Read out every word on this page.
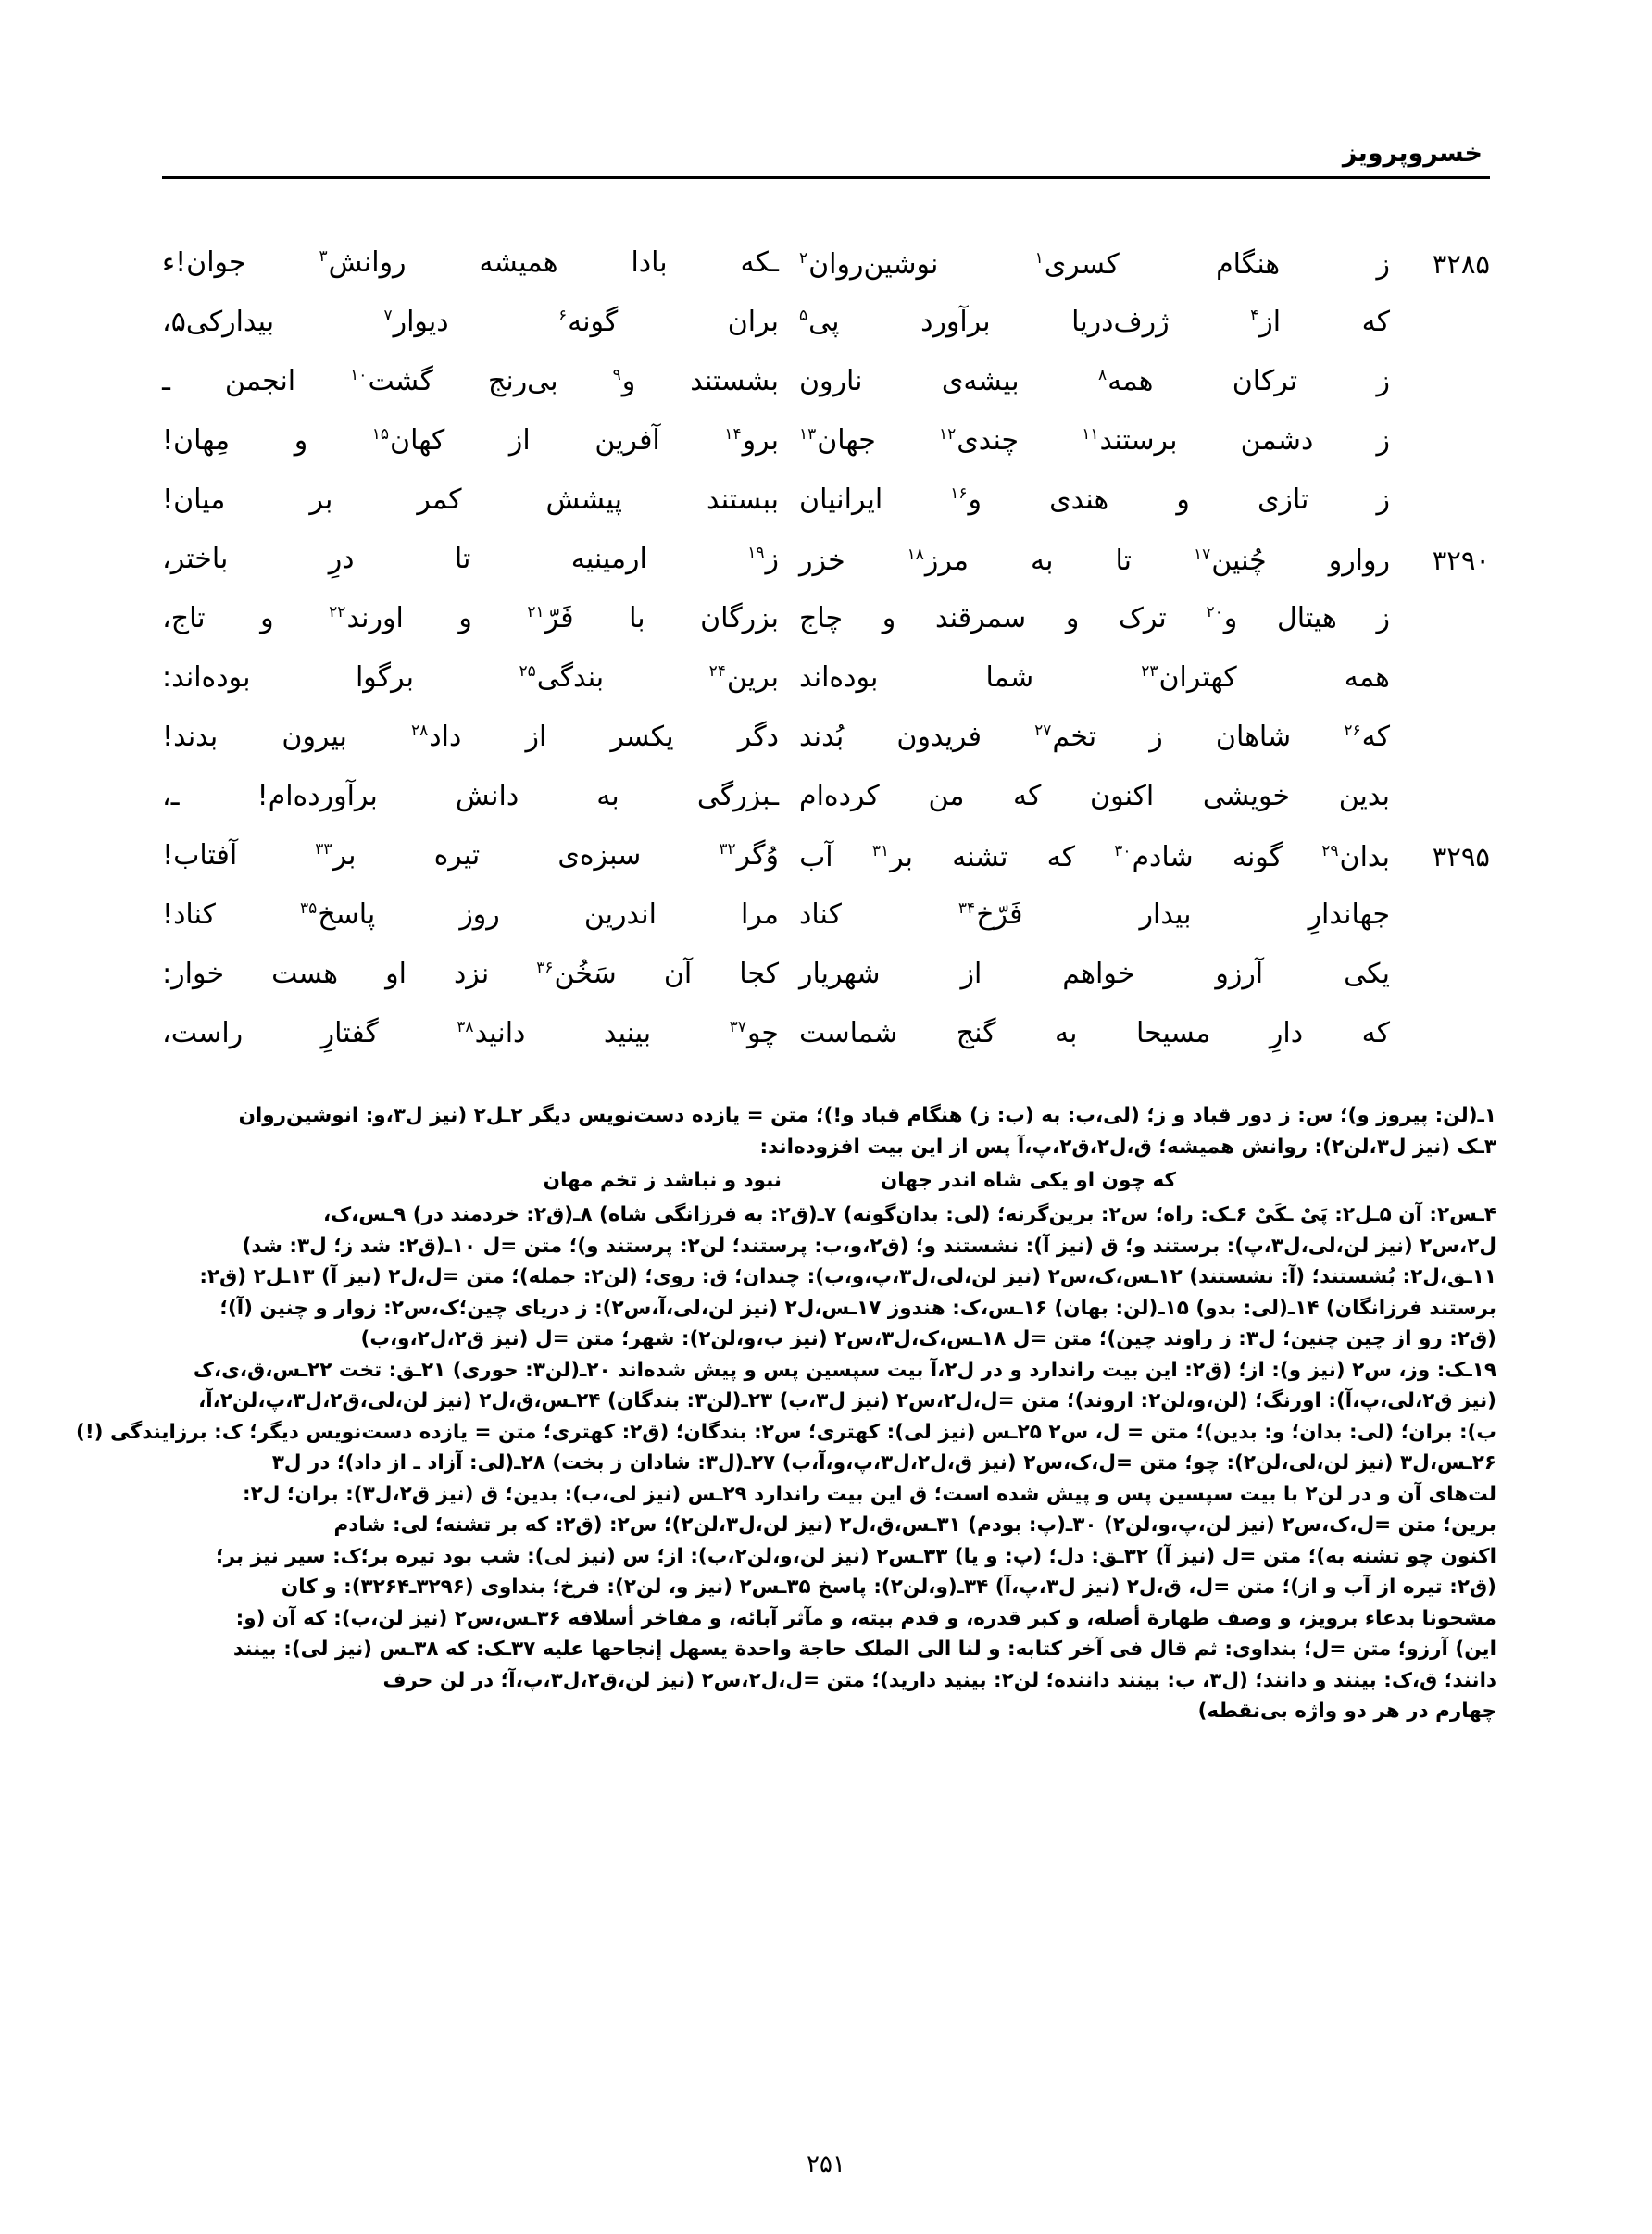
خسروپرویز
۳۲۸۵
ز
هنگام
کسری$^۱$
نوشین‌روان$^۲$
ـکه
بادا
همیشه
روانش$^۳$
جوان!ء
که
از$^۴$
ژرف‌دریا
برآورد
پی$^۵$
بران
گونه$^۶$
دیوار$^۷$
بیدارکی۵،
ز
ترکان
همه$^۸$
بیشه‌ی
نارون
بشستند
و$^۹$
بی‌رنج
گشت$^{۱۰}$
انجمن
ـ
ز
دشمن
برستند$^{۱۱}$
چندی$^{۱۲}$
جهان$^{۱۳}$
برو$^{۱۴}$
آفرین
از
کهان$^{۱۵}$
و
مِهان!
ز
تازی
و
هندی
و$^{۱۶}$
ایرانیان
ببستند
پیشش
کمر
بر
میان!
۳۲۹۰
روارو
چُنین$^{۱۷}$
تا
به
مرز$^{۱۸}$
خزر
ز$^{۱۹}$
ارمینیه
تا
درِ
باختر،
ز
هیتال
و$^{۲۰}$
ترک
و
سمرقند
و
چاج
بزرگان
با
فَرّ$^{۲۱}$
و
اورند$^{۲۲}$
و
تاج،
همه
کهتران$^{۲۳}$
شما
بوده‌اند
برین$^{۲۴}$
بندگی$^{۲۵}$
برگوا
بوده‌اند:
که$^{۲۶}$
شاهان
ز
تخم$^{۲۷}$
فریدون
بُدند
دگر
یکسر
از
داد$^{۲۸}$
بیرون
بدند!
بدین
خویشی
اکنون
که
من
کرده‌ام
ـبزرگی
به
دانش
برآورده‌ام!
ـ،
۳۲۹۵
بدان$^{۲۹}$
گونه
شادم$^{۳۰}$
که
تشنه
بر$^{۳۱}$
آب
وُگر$^{۳۲}$
سبزه‌ی
تیره
بر$^{۳۳}$
آفتاب!
جهاندارِ
بیدار
فَرّخ$^{۳۴}$
کناد
مرا
اندرین
روز
پاسخ$^{۳۵}$
کناد!
یکی
آرزو
خواهم
از
شهریار
کجا
آن
سَخُن$^{۳۶}$
نزد
او
هست
خوار:
که
دارِ
مسیحا
به
گنج
شماست
چو$^{۳۷}$
بینید
دانید$^{۳۸}$
گفتارِ
راست،
۱ـ(لن: پیروز و)؛ س: ز دور قباد و ز؛ (لی،ب: به (ب: ز) هنگام قباد و!)؛ متن = یازده دست‌نویس دیگر ۲ـل۲ (نیز ل۳،و: انوشین‌روان
۳ـک (نیز ل۳،لن۲): روانش همیشه؛ ق،ل۲،ق۲،پ،آ پس از این بیت افزوده‌اند:
که چون او یکی شاه اندر جهان
نبود و نباشد ز تخم مهان
۴ـس۲: آن ۵ـل۲: پَیْ ـکَیْ ۶ـک: راه؛ س۲: برین‌گرنه؛ (لی: بدان‌گونه) ۷ـ(ق۲: به فرزانگی شاه) ۸ـ(ق۲: خردمند در) ۹ـس،ک،
ل۲،س۲ (نیز لن،لی،ل۳،پ): برستند و؛ ق (نیز آ): نشستند و؛ (ق۲،و،ب: پرستند؛ لن۲: پرستند و)؛ متن =ل ۱۰ـ(ق۲: شد ز؛ ل۳: شد)
۱۱ـق،ل۲: بُشستند؛ (آ: نشستند) ۱۲ـس،ک،س۲ (نیز لن،لی،ل۳،پ،و،ب): چندان؛ ق: روی؛ (لن۲: جمله)؛ متن =ل،ل۲ (نیز آ) ۱۳ـل۲ (ق۲:
برستند فرزانگان) ۱۴ـ(لی: بدو) ۱۵ـ(لن: بهان) ۱۶ـس،ک: هندوز ۱۷ـس،ل۲ (نیز لن،لی،آ،س۲): ز دریای چین؛ک،س۲: زوار و چنین (آ)؛
(ق۲: رو از چین چنین؛ ل۳: ز راوند چین)؛ متن =ل ۱۸ـس،ک،ل۳،س۲ (نیز ب،و،لن۲): شهر؛ متن =ل (نیز ق۲،ل۲،و،ب)
۱۹ـک: وز، س۲ (نیز و): از؛ (ق۲: این بیت راندارد و در ل۲،آ بیت سپسین پس و پیش شده‌اند ۲۰ـ(لن۳: حوری) ۲۱ـق: تخت ۲۲ـس،ق،ی،ک
(نیز ق۲،لی،پ،آ): اورنگ؛ (لن،و،لن۲: اروند)؛ متن =ل،ل۲،س۲ (نیز ل۳،ب) ۲۳ـ(لن۳: بندگان) ۲۴ـس،ق،ل۲ (نیز لن،لی،ق۲،ل۳،پ،لن۲،آ،
ب): بران؛ (لی: بدان؛ و: بدین)؛ متن = ل، س۲ ۲۵ـس (نیز لی): کهتری؛ س۲: بندگان؛ (ق۲: کهتری؛ متن = یازده دست‌نویس دیگر؛ ک: برزایندگی (!)
۲۶ـس،ل۳ (نیز لن،لی،لن۲): چو؛ متن =ل،ک،س۲ (نیز ق،ل۲،ل۳،پ،و،آ،ب) ۲۷ـ(ل۳: شادان ز بخت) ۲۸ـ(لی: آزاد ـ از داد)؛ در ل۳
لت‌های آن و در لن۲ با بیت سپسین پس و پیش شده است؛ ق این بیت راندارد ۲۹ـس (نیز لی،ب): بدین؛ ق (نیز ق۲،ل۳): بران؛ ل۲:
برین؛ متن =ل،ک،س۲ (نیز لن،پ،و،لن۲) ۳۰ـ(پ: بودم) ۳۱ـس،ق،ل۲ (نیز لن،ل۳،لن۲)؛ س۲: (ق۲: که بر تشنه؛ لی: شادم
اکنون چو تشنه به)؛ متن =ل (نیز آ) ۳۲ـق: دل؛ (پ: و یا) ۳۳ـس۲ (نیز لن،و،لن۲،ب): از؛ س (نیز لی): شب بود تیره بر؛ک: سیر نیز بر؛
(ق۲: تیره از آب و از)؛ متن =ل، ق،ل۲ (نیز ل۳،پ،آ) ۳۴ـ(و،لن۲): پاسخ ۳۵ـس۲ (نیز و، لن۲): فرخ؛ بنداوی (۳۲۹۶ـ۳۲۶۴): و کان
مشحونا بدعاء برویز، و وصف طهارة أصله، و کبر قدره، و قدم بیته، و مآثر آبائه، و مفاخر أسلافه ۳۶ـس،س۲ (نیز لن،ب): که آن (و:
این) آرزو؛ متن =ل؛ بنداوی: ثم قال فی آخر کتابه: و لنا الی الملک حاجة واحدة یسهل إنجاحها علیه ۳۷ـک: که ۳۸ـس (نیز لی): بینند
دانند؛ ق،ک: بینند و دانند؛ (ل۳، ب: بینند داننده؛ لن۲: بینید دارید)؛ متن =ل،ل۲،س۲ (نیز لن،ق۲،ل۳،پ،آ؛ در لن حرف
چهارم در هر دو واژه بی‌نقطه)
۲۵۱
